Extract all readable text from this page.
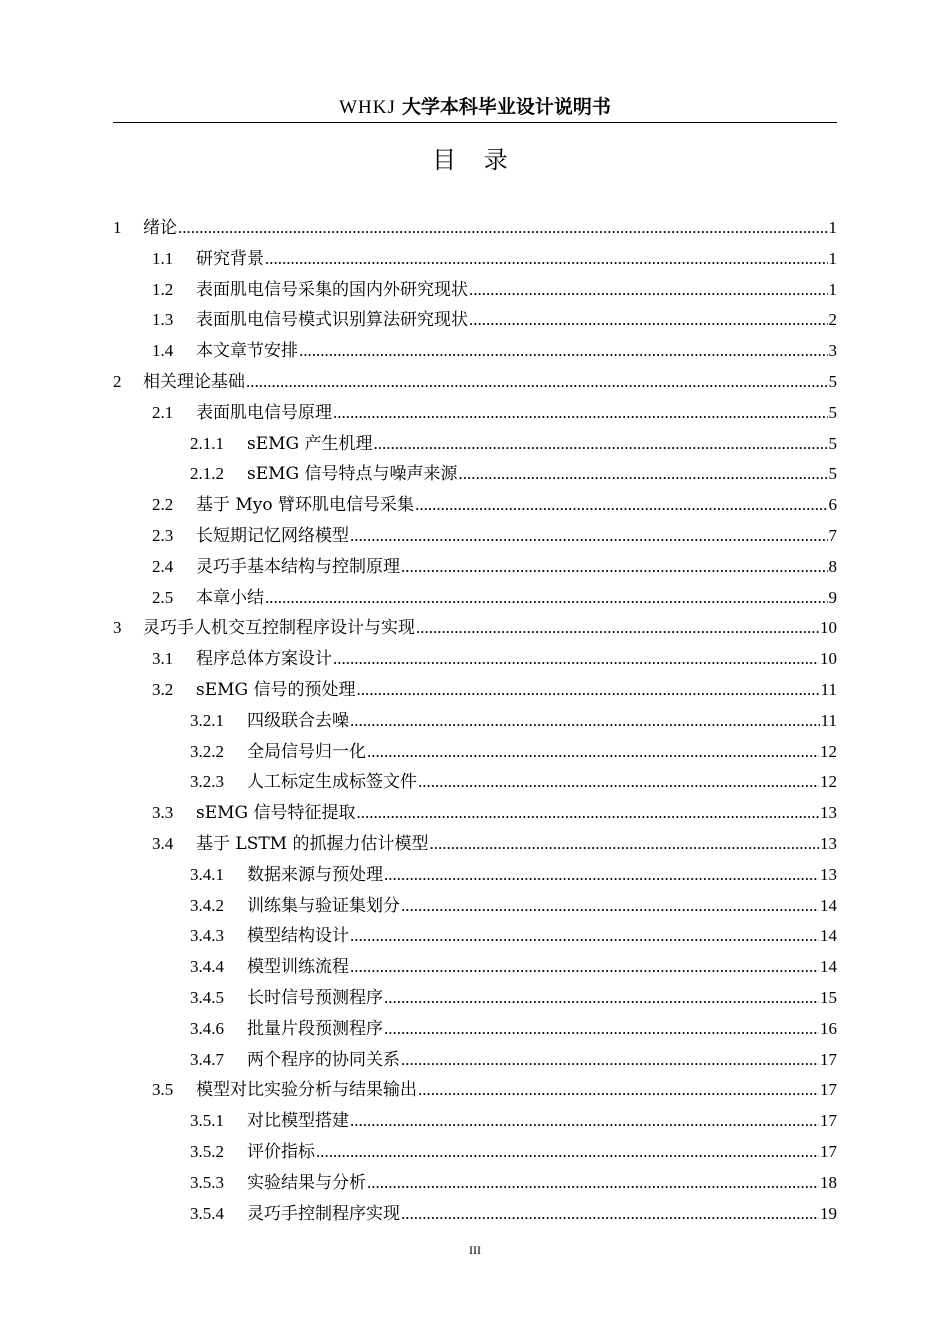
WHKJ 大学本科毕业设计说明书
目 录
1	绪论 .....	1
1.1	研究背景 .....	1
1.2	表面肌电信号采集的国内外研究现状 .....	1
1.3	表面肌电信号模式识别算法研究现状 .....	2
1.4	本文章节安排 .....	3
2	相关理论基础 .....	5
2.1	表面肌电信号原理 .....	5
2.1.1	sEMG 产生机理 .....	5
2.1.2	sEMG 信号特点与噪声来源 .....	5
2.2	基于 Myo 臂环肌电信号采集 .....	6
2.3	长短期记忆网络模型 .....	7
2.4	灵巧手基本结构与控制原理 .....	8
2.5	本章小结 .....	9
3	灵巧手人机交互控制程序设计与实现 .....	10
3.1	程序总体方案设计 .....	10
3.2	sEMG 信号的预处理 .....	11
3.2.1	四级联合去噪 .....	11
3.2.2	全局信号归一化 .....	12
3.2.3	人工标定生成标签文件 .....	12
3.3	sEMG 信号特征提取 .....	13
3.4	基于 LSTM 的抓握力估计模型 .....	13
3.4.1	数据来源与预处理 .....	13
3.4.2	训练集与验证集划分 .....	14
3.4.3	模型结构设计 .....	14
3.4.4	模型训练流程 .....	14
3.4.5	长时信号预测程序 .....	15
3.4.6	批量片段预测程序 .....	16
3.4.7	两个程序的协同关系 .....	17
3.5	模型对比实验分析与结果输出 .....	17
3.5.1	对比模型搭建 .....	17
3.5.2	评价指标 .....	17
3.5.3	实验结果与分析 .....	18
3.5.4	灵巧手控制程序实现 .....	19
III
